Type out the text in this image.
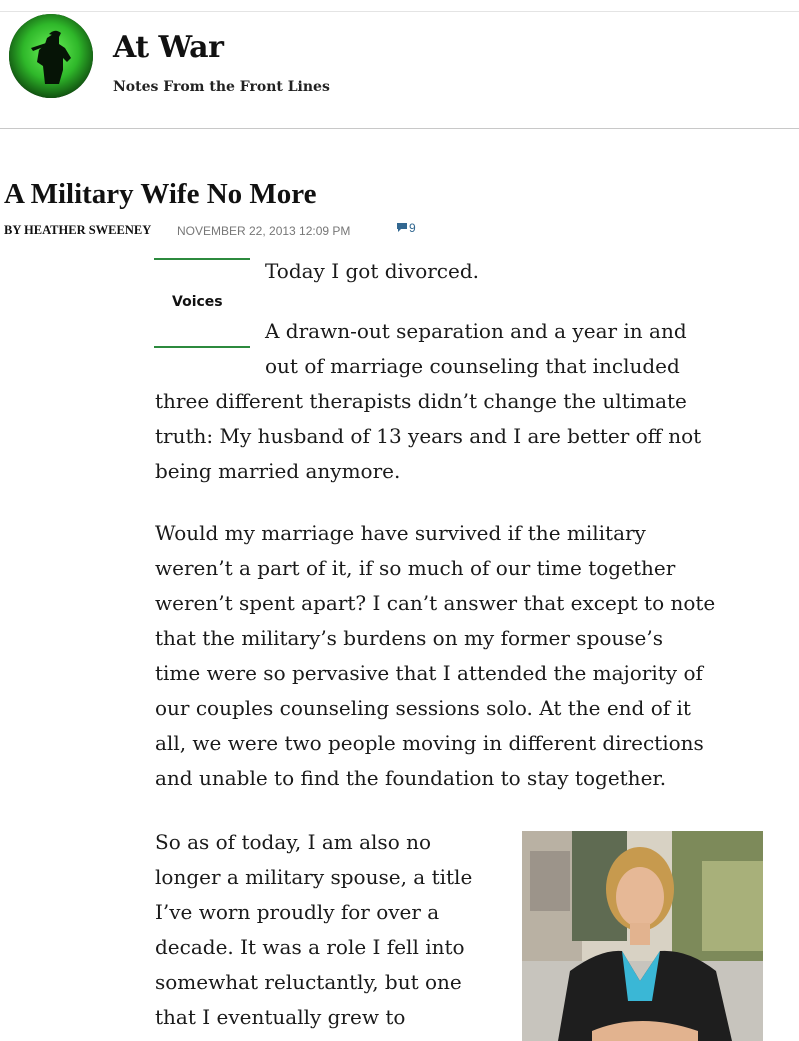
At War
Notes From the Front Lines
A Military Wife No More
BY HEATHER SWEENEY NOVEMBER 22, 2013 12:09 PM	9
Voices

Today I got divorced.

A drawn-out separation and a year in and
out of marriage counseling that included
three different therapists didn’t change the ultimate
truth: My husband of 13 years and I are better off not
being married anymore.

Would my marriage have survived if the military
weren’t a part of it, if so much of our time together
weren’t spent apart? I can’t answer that except to note
that the military’s burdens on my former spouse’s
time were so pervasive that I attended the majority of
our couples counseling sessions solo. At the end of it
all, we were two people moving in different directions
and unable to find the foundation to stay together.

So as of today, I am also no
longer a military spouse, a title
I’ve worn proudly for over a
decade. It was a role I fell into
somewhat reluctantly, but one
that I eventually grew to
